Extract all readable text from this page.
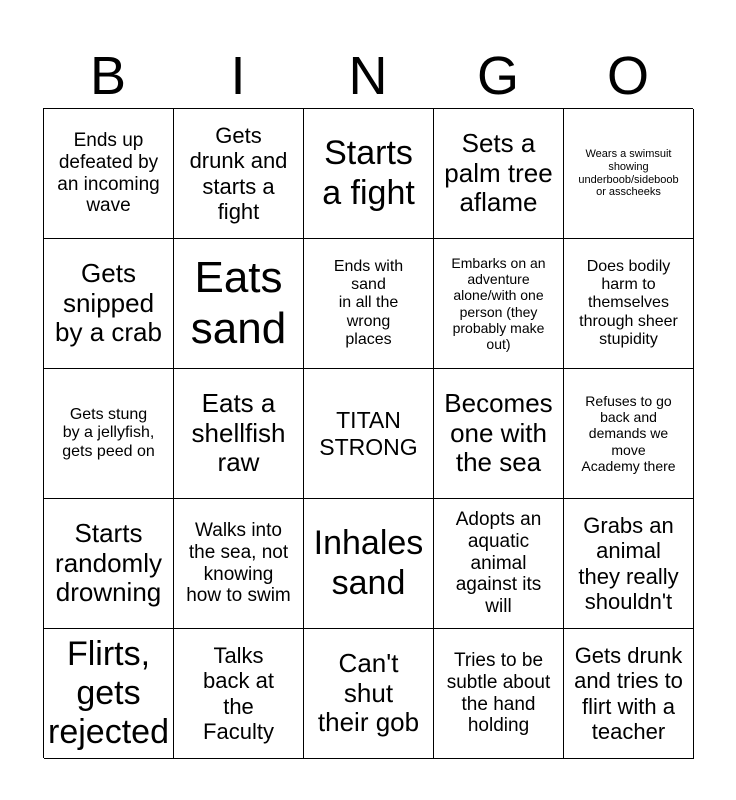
B	I	N	G	O
Ends up
defeated by
an incoming
wave
Gets
drunk and
starts a
fight
Starts
a fight
Sets a
palm tree
aflame
Wears a swimsuit
showing
underboob/sideboob
or asscheeks
Gets
snipped
by a crab
Eats
sand
Ends with
sand
in all the
wrong
places
Embarks on an
adventure
alone/with one
person (they
probably make
out)
Does bodily
harm to
themselves
through sheer
stupidity
Gets stung
by a jellyfish,
gets peed on
Eats a
shellfish
raw
TITAN
STRONG
Becomes
one with
the sea
Refuses to go
back and
demands we
move
Academy there
Starts
randomly
drowning
Walks into
the sea, not
knowing
how to swim
Inhales
sand
Adopts an
aquatic
animal
against its
will
Grabs an
animal
they really
shouldn't
Flirts,
gets
rejected
Talks
back at
the
Faculty
Can't
shut
their gob
Tries to be
subtle about
the hand
holding
Gets drunk
and tries to
flirt with a
teacher
